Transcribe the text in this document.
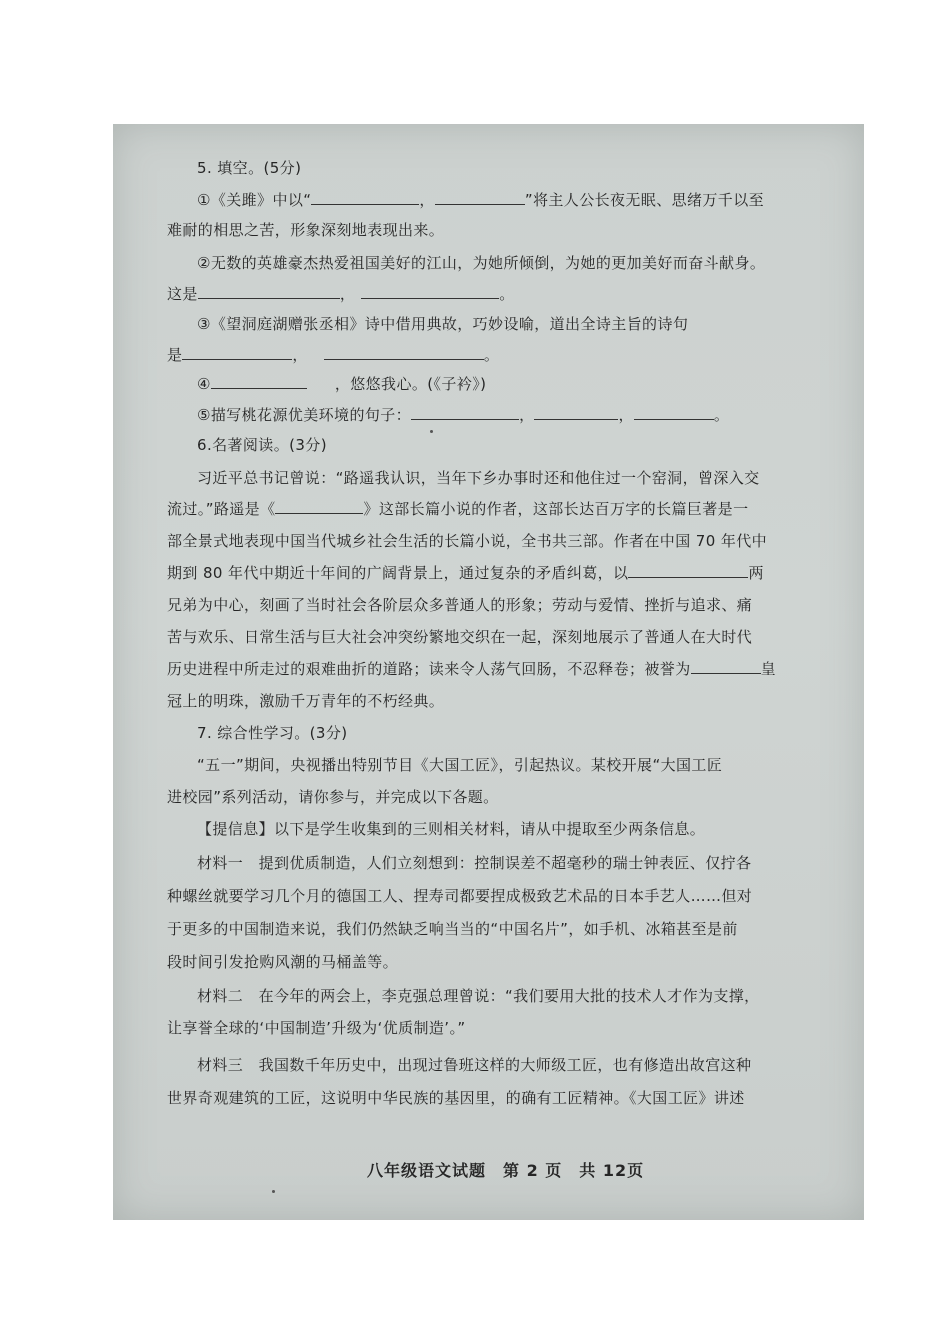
5. 填空。(5分)
①《关雎》中以“	，	”将主人公长夜无眠、思绪万千以至
难耐的相思之苦，形象深刻地表现出来。
②无数的英雄豪杰热爱祖国美好的江山，为她所倾倒，为她的更加美好而奋斗献身。
这是	，	。
③《望洞庭湖赠张丞相》诗中借用典故，巧妙设喻，道出全诗主旨的诗句
是	，	。
④	，悠悠我心。(《子衿》)
⑤描写桃花源优美环境的句子：	，	，	。
6.名著阅读。(3分)
习近平总书记曾说：“路遥我认识，当年下乡办事时还和他住过一个窑洞，曾深入交
流过。”路遥是《	》这部长篇小说的作者，这部长达百万字的长篇巨著是一
部全景式地表现中国当代城乡社会生活的长篇小说，全书共三部。作者在中国 70 年代中
期到 80 年代中期近十年间的广阔背景上，通过复杂的矛盾纠葛，以	两
兄弟为中心，刻画了当时社会各阶层众多普通人的形象；劳动与爱情、挫折与追求、痛
苦与欢乐、日常生活与巨大社会冲突纷繁地交织在一起，深刻地展示了普通人在大时代
历史进程中所走过的艰难曲折的道路；读来令人荡气回肠，不忍释卷；被誉为	皇
冠上的明珠，激励千万青年的不朽经典。
7. 综合性学习。(3分)
“五一”期间，央视播出特别节目《大国工匠》，引起热议。某校开展“大国工匠
进校园”系列活动，请你参与，并完成以下各题。
【提信息】以下是学生收集到的三则相关材料，请从中提取至少两条信息。
材料一　提到优质制造，人们立刻想到：控制误差不超毫秒的瑞士钟表匠、仅拧各
种螺丝就要学习几个月的德国工人、捏寿司都要捏成极致艺术品的日本手艺人……但对
于更多的中国制造来说，我们仍然缺乏响当当的“中国名片”，如手机、冰箱甚至是前
段时间引发抢购风潮的马桶盖等。
材料二　在今年的两会上，李克强总理曾说：“我们要用大批的技术人才作为支撑，
让享誉全球的‘中国制造’升级为‘优质制造’。”
材料三　我国数千年历史中，出现过鲁班这样的大师级工匠，也有修造出故宫这种
世界奇观建筑的工匠，这说明中华民族的基因里，的确有工匠精神。《大国工匠》讲述
八年级语文试题　第 2 页　共 12页
